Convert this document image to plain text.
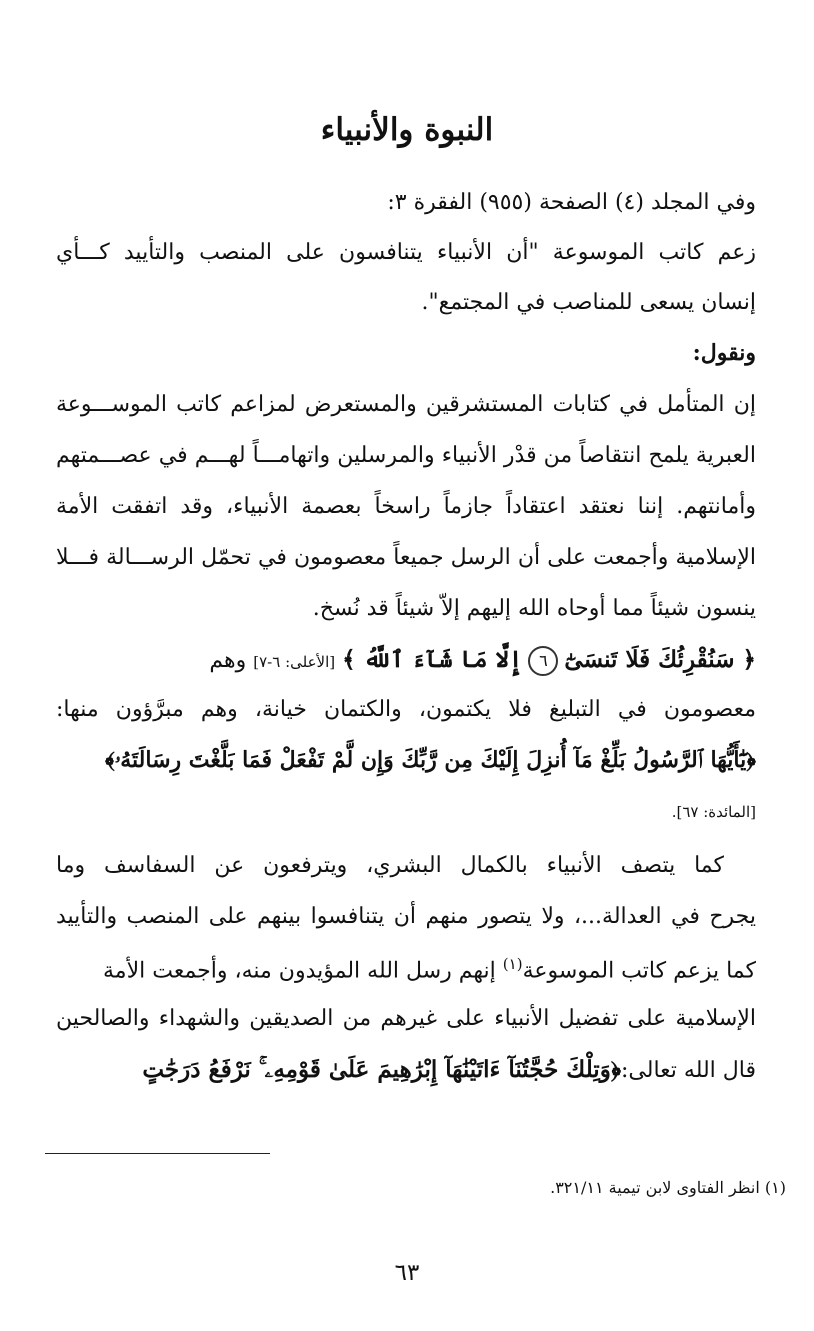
النبوة والأنبياء
وفي المجلد (٤) الصفحة (٩٥٥) الفقرة ٣:
زعم كاتب الموسوعة "أن الأنبياء يتنافسون على المنصب والتأييد كـــأي
إنسان يسعى للمناصب في المجتمع".
ونقول:
إن المتأمل في كتابات المستشرقين والمستعرض لمزاعم كاتب الموســـوعة
العبرية يلمح انتقاصاً من قدْر الأنبياء والمرسلين واتهامـــاً لهـــم في عصـــمتهم
وأمانتهم. إننا نعتقد اعتقاداً جازماً راسخاً بعصمة الأنبياء، وقد اتفقت الأمة
الإسلامية وأجمعت على أن الرسل جميعاً معصومون في تحمّل الرســـالة فـــلا
ينسون شيئاً مما أوحاه الله إليهم إلاّ شيئاً قد نُسخ.
﴿ سَنُقْرِئُكَ فَلَا تَنسَىٰٓ٦إِلَّا مَا شَآءَ ٱللَّهُ ﴾ [الأعلى: ٦-٧] وهم
معصومون في التبليغ فلا يكتمون، والكتمان خيانة، وهم مبرَّؤون منها:
﴿يَٰٓأَيُّهَا ٱلرَّسُولُ بَلِّغْ مَآ أُنزِلَ إِلَيْكَ مِن رَّبِّكَ وَإِن لَّمْ تَفْعَلْ فَمَا بَلَّغْتَ رِسَالَتَهُۥ﴾
[المائدة: ٦٧].
كما يتصف الأنبياء بالكمال البشري، ويترفعون عن السفاسف وما
يجرح في العدالة...، ولا يتصور منهم أن يتنافسوا بينهم على المنصب والتأييد
كما يزعم كاتب الموسوعة$^{(١)}$ إنهم رسل الله المؤيدون منه، وأجمعت الأمة
الإسلامية على تفضيل الأنبياء على غيرهم من الصديقين والشهداء والصالحين
قال الله تعالى:﴿وَتِلْكَ حُجَّتُنَآ ءَاتَيْنَٰهَآ إِبْرَٰهِيمَ عَلَىٰ قَوْمِهِۦ ۚ نَرْفَعُ دَرَجَٰتٍ
(١) انظر الفتاوى لابن تيمية ٣٢١/١١.
٦٣
